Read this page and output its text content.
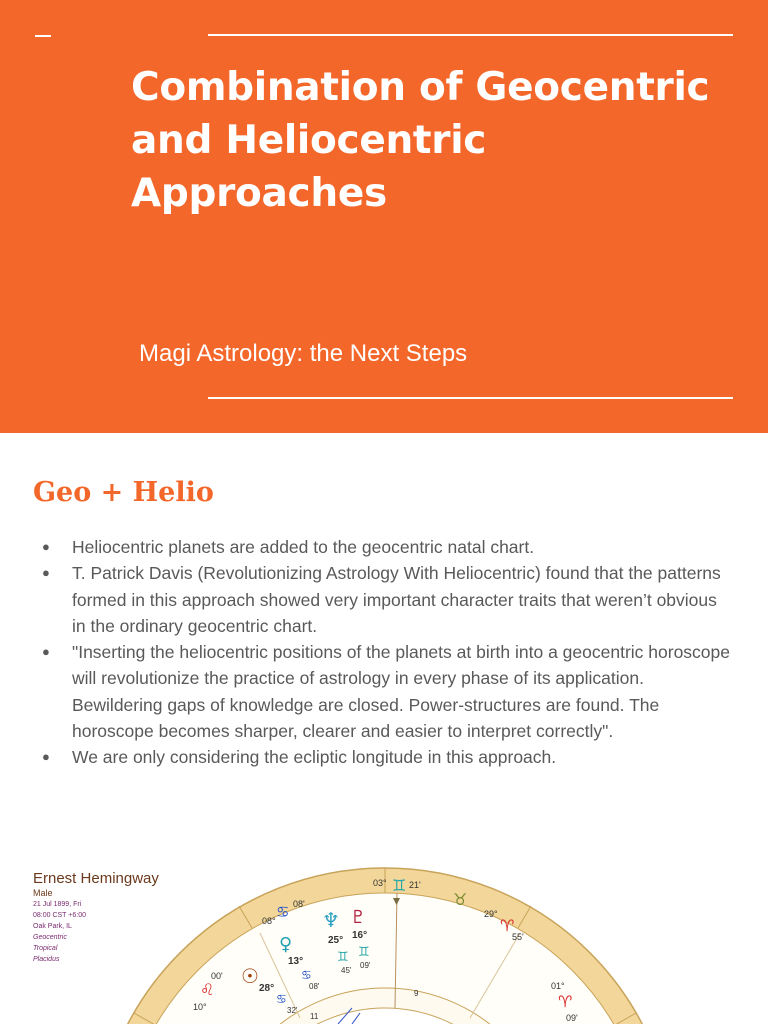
Combination of Geocentric and Heliocentric Approaches

Magi Astrology: the Next Steps

Geo + Helio
● Heliocentric planets are added to the geocentric natal chart.
● T. Patrick Davis (Revolutionizing Astrology With Heliocentric) found that the patterns formed in this approach showed very important character traits that weren’t obvious in the ordinary geocentric chart.
● "Inserting the heliocentric positions of the planets at birth into a geocentric horoscope will revolutionize the practice of astrology in every phase of its application. Bewildering gaps of knowledge are closed. Power-structures are found. The horoscope becomes sharper, clearer and easier to interpret correctly".
● We are only considering the ecliptic longitude in this approach.
03° ♊ 21'
♉
29°
♈
55'
01°
♈
09'
08'
♋
08°
00'
♌
10°
♆
25°
♇
16°
♀
13°	♊
45'
♊
09'
♋
08'
☉
28°
♋
32'
9
11
Ernest Hemingway
Male
21 Jul 1899, Fri
08:00 CST +6:00
Oak Park, IL
Geocentric
Tropical
Placidus
